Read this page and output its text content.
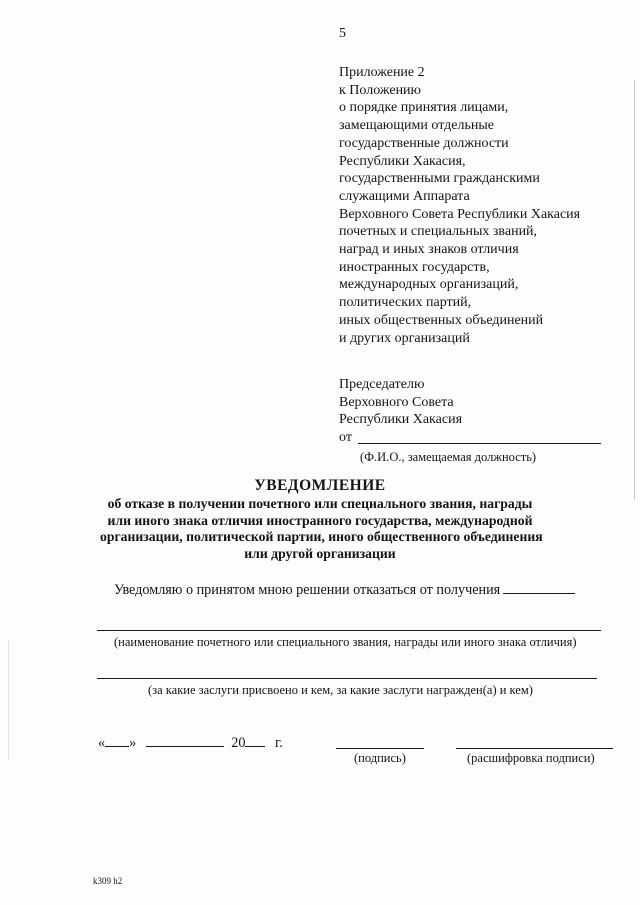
5
Приложение 2
к Положению
о порядке принятия лицами,
замещающими отдельные
государственные должности
Республики Хакасия,
государственными гражданскими
служащими Аппарата
Верховного Совета Республики Хакасия
почетных и специальных званий,
наград и иных знаков отличия
иностранных государств,
международных организаций,
политических партий,
иных общественных объединений
и других организаций
Председателю
Верховного Совета
Республики Хакасия
от
(Ф.И.О., замещаемая должность)
УВЕДОМЛЕНИЕ
об отказе в получении почетного или специального звания, награды
или иного знака отличия иностранного государства, международной
организации, политической партии, иного общественного объединения
или другой организации
Уведомляю о принятом мною решении отказаться от получения
(наименование почетного или специального звания, награды или иного знака отличия)
(за какие заслуги присвоено и кем, за какие заслуги награжден(а) и кем)
« »	20 г.
(подпись)	(расшифровка подписи)
k309 h2
